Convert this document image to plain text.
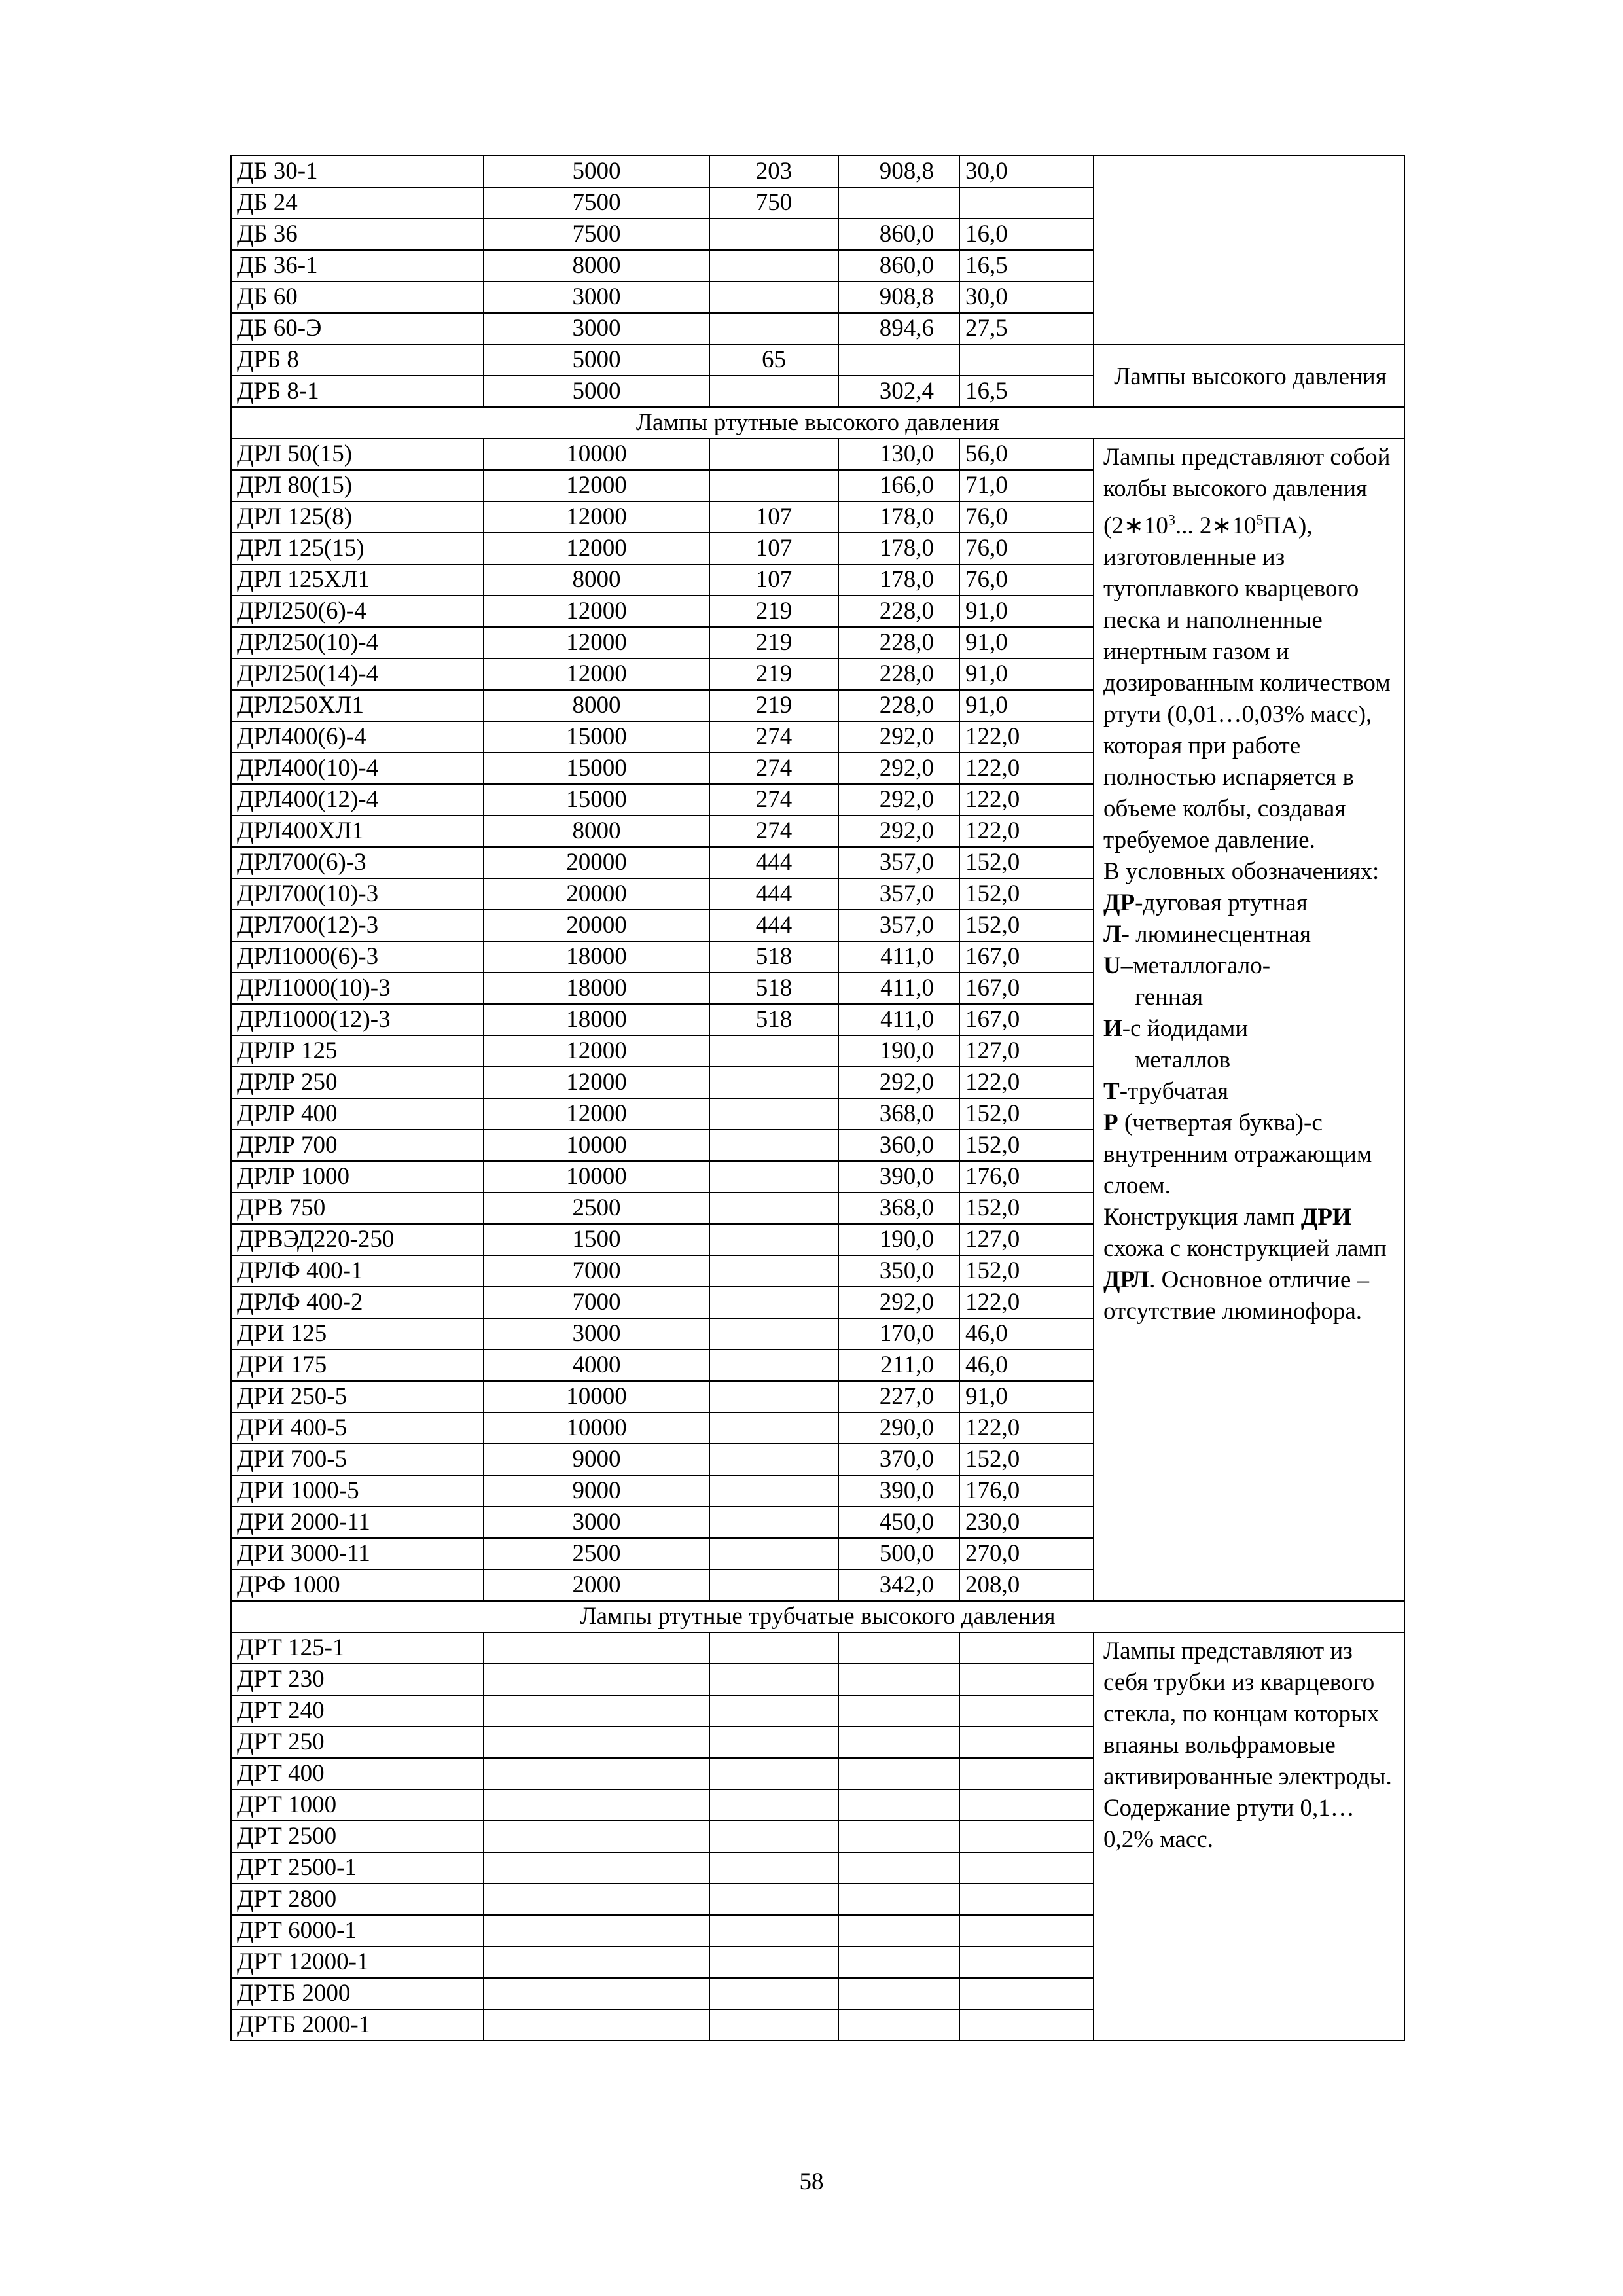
ДБ 30-1	5000	203	908,8	30,0	
ДБ 24	7500	750			
ДБ 36	7500		860,0	16,0	
ДБ 36-1	8000		860,0	16,5	
ДБ 60	3000		908,8	30,0	
ДБ 60-Э	3000		894,6	27,5	
ДРБ 8	5000	65			Лампы высокого давления
ДРБ 8-1	5000		302,4	16,5	
Лампы ртутные высокого давления					
ДРЛ 50(15)	10000		130,0	56,0	Лампы представляют собой колбы высокого давления ($2∗10^3$... $2∗10^5ПА$), изготовленные из тугоплавкого кварцевого песка и наполненные инертным газом и дозированным количеством ртути (0,01…0,03% масс), которая при работе полностью испаряется в объеме колбы, создавая требуемое давление.
В условных обозначениях:
ДР-дуговая ртутная
Л- люминесцентная
U–металлогало-
генная
И-с йодидами
металлов
Т-трубчатая
Р (четвертая буква)-с внутренним отражающим слоем.
Конструкция ламп ДРИ схожа с конструкцией ламп ДРЛ. Основное отличие – отсутствие люминофора.
ДРЛ 80(15)	12000		166,0	71,0	
ДРЛ 125(8)	12000	107	178,0	76,0	
ДРЛ 125(15)	12000	107	178,0	76,0	
ДРЛ 125ХЛ1	8000	107	178,0	76,0	
ДРЛ250(6)-4	12000	219	228,0	91,0	
ДРЛ250(10)-4	12000	219	228,0	91,0	
ДРЛ250(14)-4	12000	219	228,0	91,0	
ДРЛ250ХЛ1	8000	219	228,0	91,0	
ДРЛ400(6)-4	15000	274	292,0	122,0	
ДРЛ400(10)-4	15000	274	292,0	122,0	
ДРЛ400(12)-4	15000	274	292,0	122,0	
ДРЛ400ХЛ1	8000	274	292,0	122,0	
ДРЛ700(6)-3	20000	444	357,0	152,0	
ДРЛ700(10)-3	20000	444	357,0	152,0	
ДРЛ700(12)-3	20000	444	357,0	152,0	
ДРЛ1000(6)-3	18000	518	411,0	167,0	
ДРЛ1000(10)-3	18000	518	411,0	167,0	
ДРЛ1000(12)-3	18000	518	411,0	167,0	
ДРЛР 125	12000		190,0	127,0	
ДРЛР 250	12000		292,0	122,0	
ДРЛР 400	12000		368,0	152,0	
ДРЛР 700	10000		360,0	152,0	
ДРЛР 1000	10000		390,0	176,0	
ДРВ 750	2500		368,0	152,0	
ДРВЭД220-250	1500		190,0	127,0	
ДРЛФ 400-1	7000		350,0	152,0	
ДРЛФ 400-2	7000		292,0	122,0	
ДРИ 125	3000		170,0	46,0	
ДРИ 175	4000		211,0	46,0	
ДРИ 250-5	10000		227,0	91,0	
ДРИ 400-5	10000		290,0	122,0	
ДРИ 700-5	9000		370,0	152,0	
ДРИ 1000-5	9000		390,0	176,0	
ДРИ 2000-11	3000		450,0	230,0	
ДРИ 3000-11	2500		500,0	270,0	
ДРФ 1000	2000		342,0	208,0	
Лампы ртутные трубчатые высокого давления					
ДРТ 125-1					Лампы представляют из себя трубки из кварцевого стекла, по концам которых впаяны вольфрамовые активированные электроды. Содержание ртути 0,1…0,2% масс.
ДРТ 230					
ДРТ 240					
ДРТ 250					
ДРТ 400					
ДРТ 1000					
ДРТ 2500					
ДРТ 2500-1					
ДРТ 2800					
ДРТ 6000-1					
ДРТ 12000-1					
ДРТБ 2000					
ДРТБ 2000-1					
58
